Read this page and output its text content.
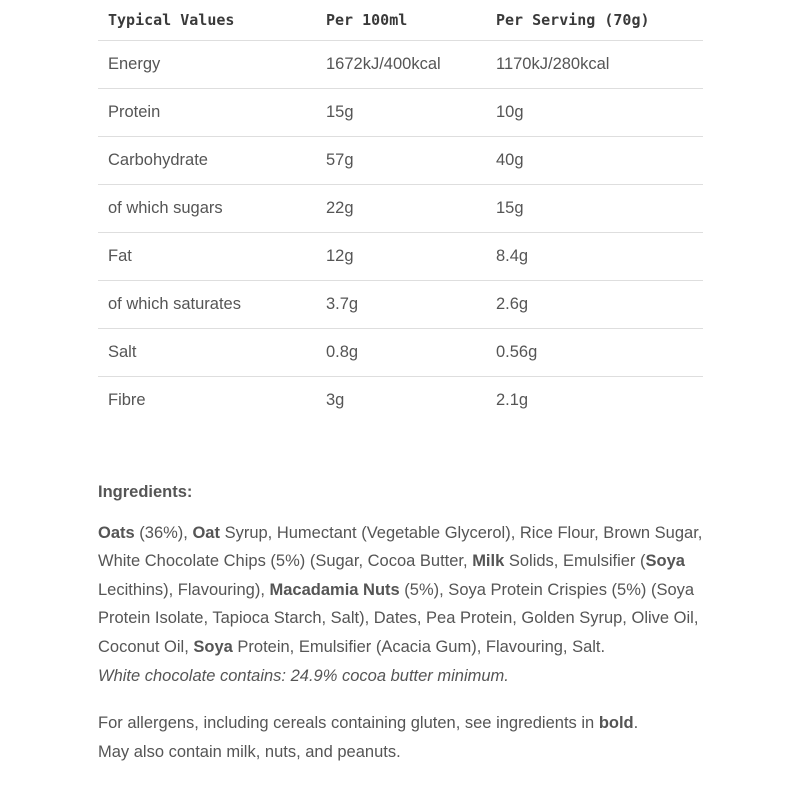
Typical Values	Per 100ml	Per Serving (70g)
Energy	1672kJ/400kcal	1170kJ/280kcal
Protein	15g	10g
Carbohydrate	57g	40g
of which sugars	22g	15g
Fat	12g	8.4g
of which saturates	3.7g	2.6g
Salt	0.8g	0.56g
Fibre	3g	2.1g
Ingredients:
Oats (36%), Oat Syrup, Humectant (Vegetable Glycerol), Rice Flour, Brown Sugar, White Chocolate Chips (5%) (Sugar, Cocoa Butter, Milk Solids, Emulsifier (Soya Lecithins), Flavouring), Macadamia Nuts (5%), Soya Protein Crispies (5%) (Soya Protein Isolate, Tapioca Starch, Salt), Dates, Pea Protein, Golden Syrup, Olive Oil, Coconut Oil, Soya Protein, Emulsifier (Acacia Gum), Flavouring, Salt.
White chocolate contains: 24.9% cocoa butter minimum.
For allergens, including cereals containing gluten, see ingredients in bold.
May also contain milk, nuts, and peanuts.
